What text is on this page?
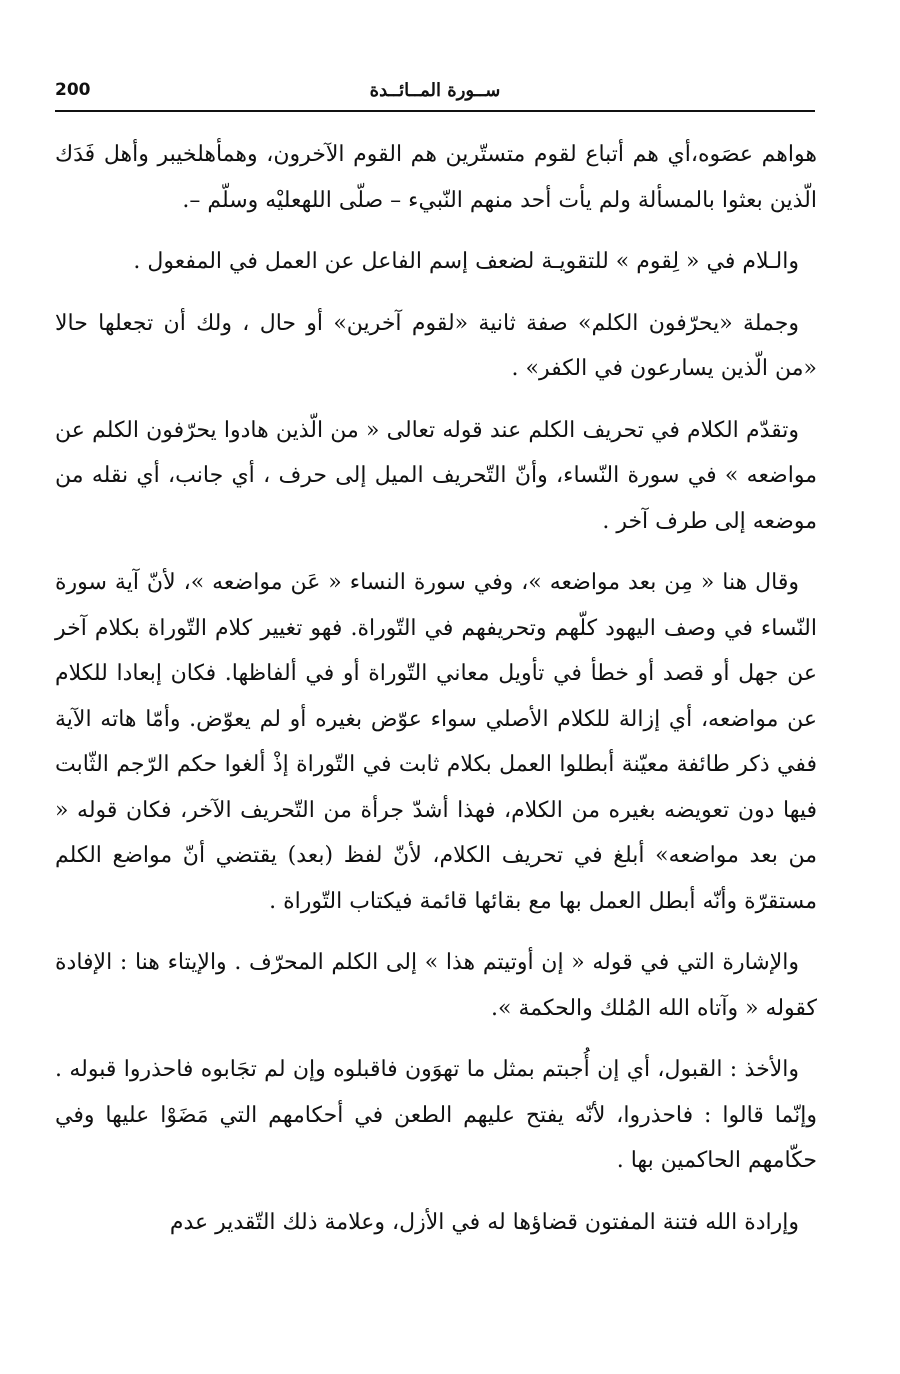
200	ســورة المــائــدة

هواهم عصَوه،أي هم أتباع لقوم متستّرين هم القوم الآخرون، وهمأهلخيبر وأهل فَدَك الّذين بعثوا بالمسألة ولم يأت أحد منهم النّبيء – صلّى اللهعليْه وسلّم –.

والـلام في « لِقوم » للتقويـة لضعف إسم الفاعل عن العمل في المفعول .

وجملة «يحرّفون الكلم» صفة ثانية «لقوم آخرين» أو حال ، ولك أن تجعلها حالا «من الّذين يسارعون في الكفر» .

وتقدّم الكلام في تحريف الكلم عند قوله تعالى « من الّذين هادوا يحرّفون الكلم عن مواضعه » في سورة النّساء، وأنّ التّحريف الميل إلى حرف ، أي جانب، أي نقله من موضعه إلى طرف آخر .

وقال هنا « مِن بعد مواضعه »، وفي سورة النساء « عَن مواضعه »، لأنّ آية سورة النّساء في وصف اليهود كلّهم وتحريفهم في التّوراة. فهو تغيير كلام التّوراة بكلام آخر عن جهل أو قصد أو خطأ في تأويل معاني التّوراة أو في ألفاظها. فكان إبعادا للكلام عن مواضعه، أي إزالة للكلام الأصلي سواء عوّض بغيره أو لم يعوّض. وأمّا هاته الآية ففي ذكر طائفة معيّنة أبطلوا العمل بكلام ثابت في التّوراة إذْ ألغوا حكم الرّجم الثّابت فيها دون تعويضه بغيره من الكلام، فهذا أشدّ جرأة من التّحريف الآخر، فكان قوله « من بعد مواضعه» أبلغ في تحريف الكلام، لأنّ لفظ (بعد) يقتضي أنّ مواضع الكلم مستقرّة وأنّه أبطل العمل بها مع بقائها قائمة فيكتاب التّوراة .

والإشارة التي في قوله « إن أوتيتم هذا » إلى الكلم المحرّف . والإيتاء هنا : الإفادة كقوله « وآتاه الله المُلك والحكمة ».

والأخذ : القبول، أي إن أُجبتم بمثل ما تهوَون فاقبلوه وإن لم تجَابوه فاحذروا قبوله . وإنّما قالوا : فاحذروا، لأنّه يفتح عليهم الطعن في أحكامهم التي مَضَوْا عليها وفي حكّامهم الحاكمين بها .

وإرادة الله فتنة المفتون قضاؤها له في الأزل، وعلامة ذلك التّقدير عدم
